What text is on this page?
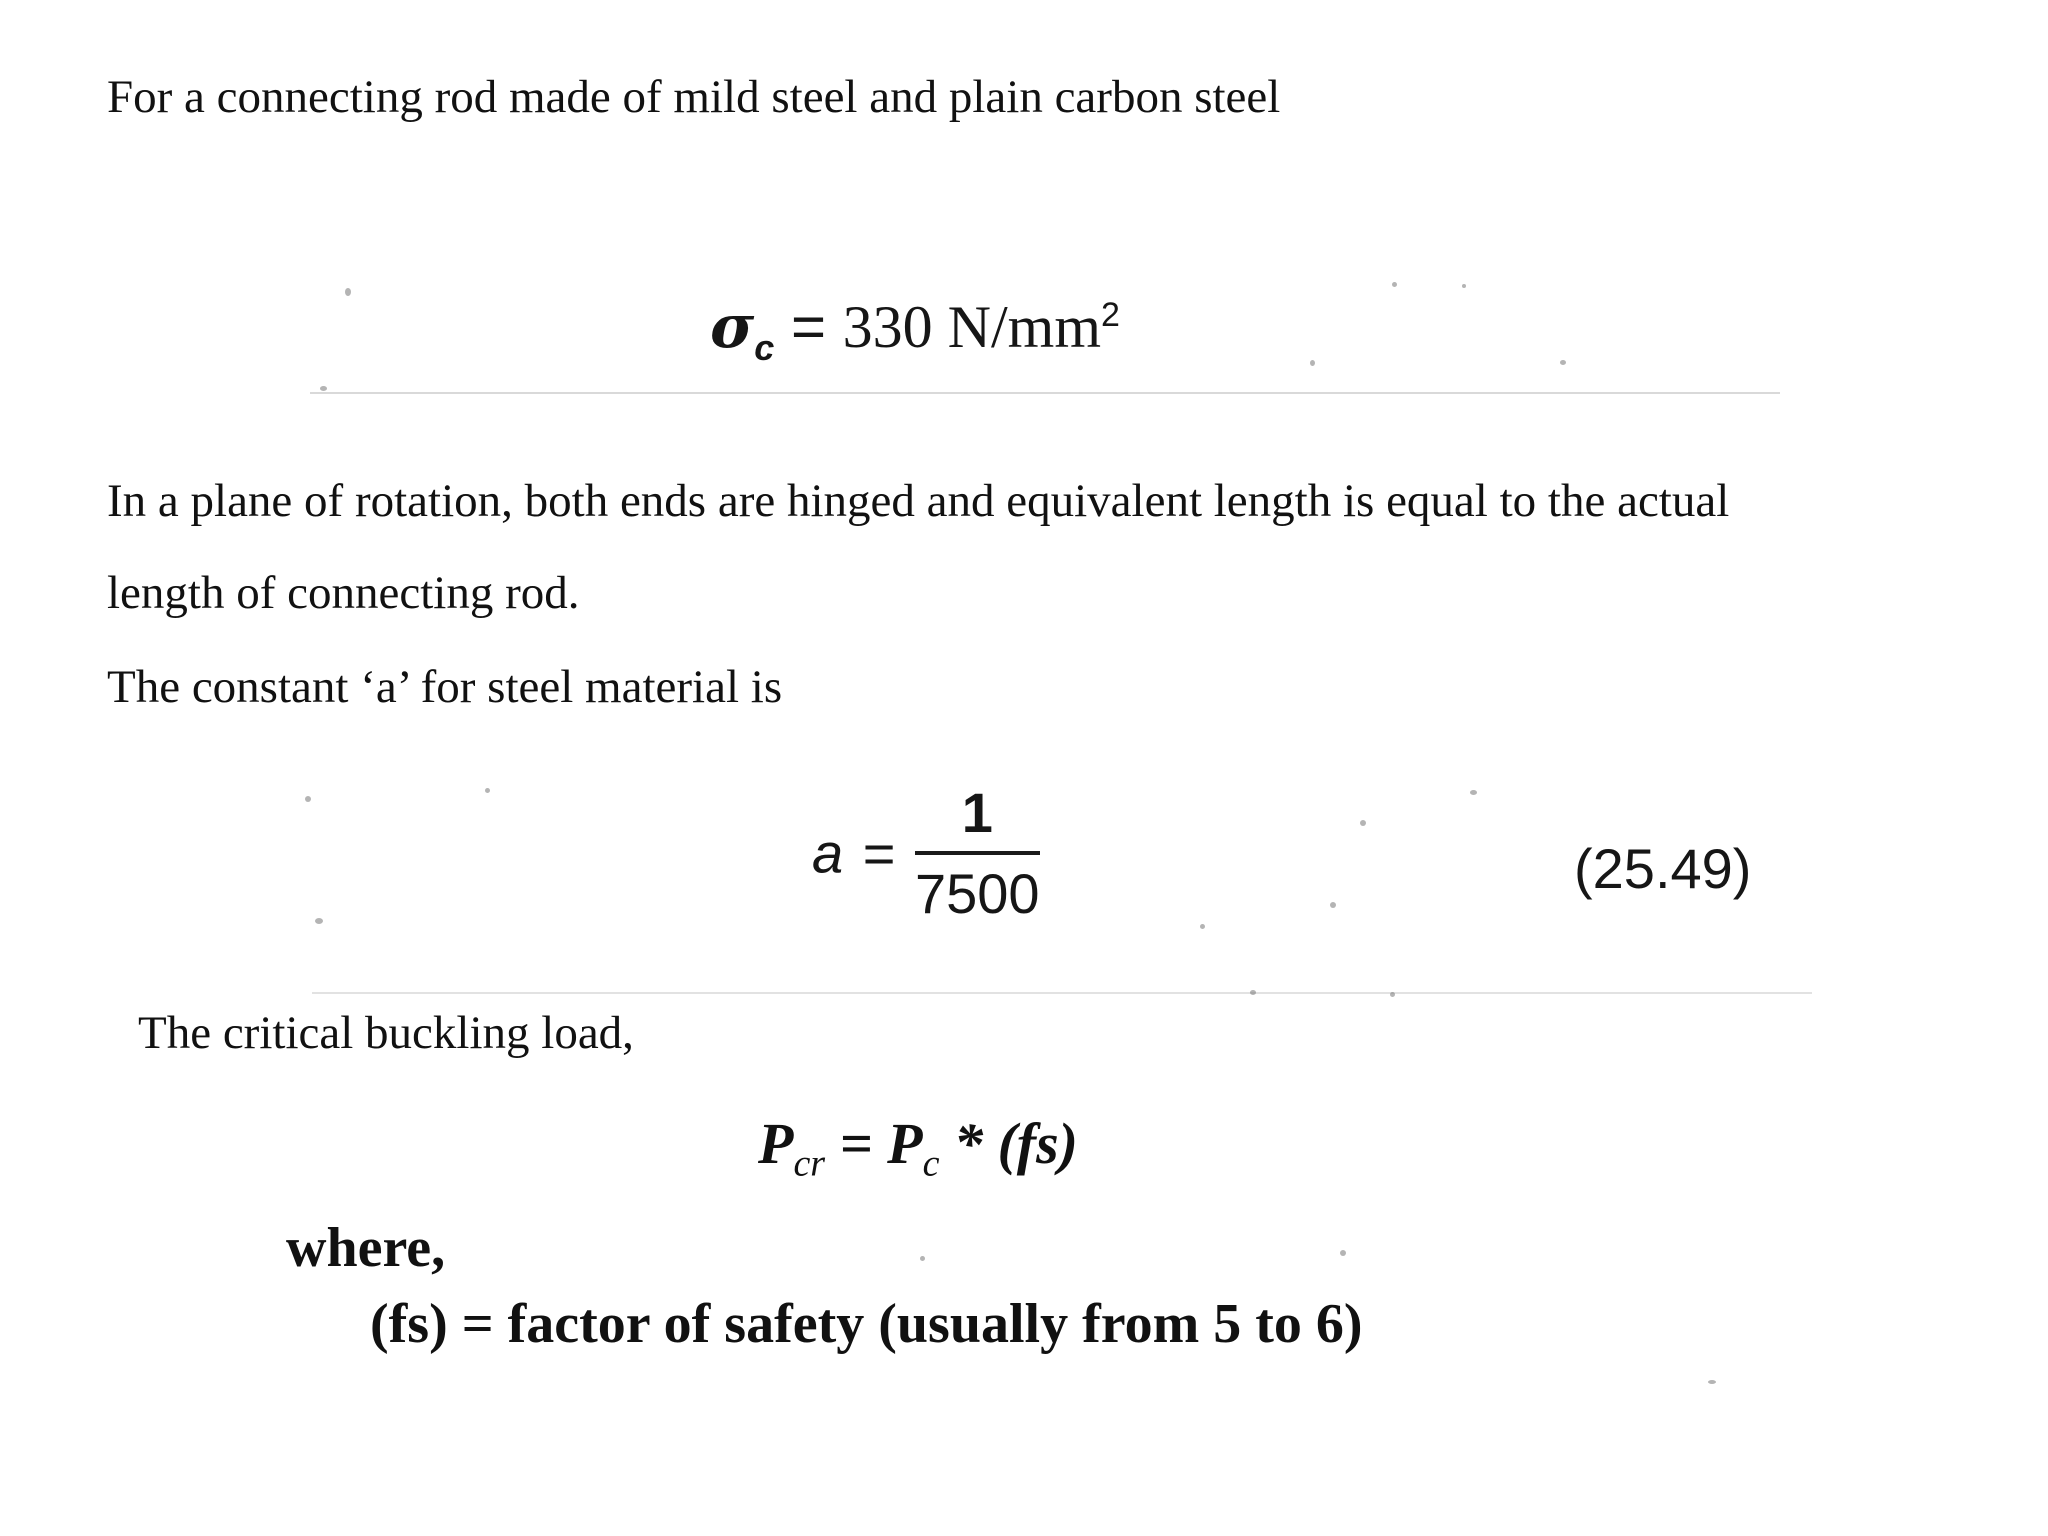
For a connecting rod made of mild steel and plain carbon steel
$\sigma_c = 330$ $N/mm^2$
In a plane of rotation, both ends are hinged and equivalent length is equal to the actual
length of connecting rod.
The constant ‘a’ for steel material is
$a = \frac{1}{7500}$	(25.49)
The critical buckling load,
$P_{cr} = P_c * (fs)$
where,
(fs) = factor of safety (usually from 5 to 6)
